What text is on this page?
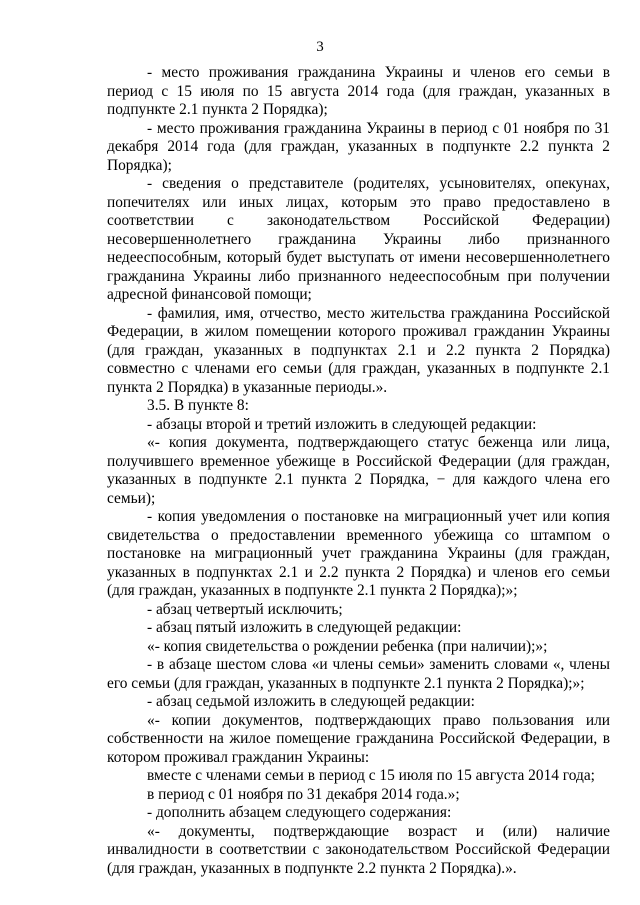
3

- место проживания гражданина Украины и членов его семьи в период с 15 июля по 15 августа 2014 года (для граждан, указанных в подпункте 2.1 пункта 2 Порядка);

- место проживания гражданина Украины в период с 01 ноября по 31 декабря 2014 года (для граждан, указанных в подпункте 2.2 пункта 2 Порядка);

- сведения о представителе (родителях, усыновителях, опекунах, попечителях или иных лицах, которым это право предоставлено в соответствии с законодательством Российской Федерации) несовершеннолетнего гражданина Украины либо признанного недееспособным, который будет выступать от имени несовершеннолетнего гражданина Украины либо признанного недееспособным при получении адресной финансовой помощи;

- фамилия, имя, отчество, место жительства гражданина Российской Федерации, в жилом помещении которого проживал гражданин Украины (для граждан, указанных в подпунктах 2.1 и 2.2 пункта 2 Порядка) совместно с членами его семьи (для граждан, указанных в подпункте 2.1 пункта 2 Порядка) в указанные периоды.».

3.5. В пункте 8:

- абзацы второй и третий изложить в следующей редакции:

«- копия документа, подтверждающего статус беженца или лица, получившего временное убежище в Российской Федерации (для граждан, указанных в подпункте 2.1 пункта 2 Порядка, − для каждого члена его семьи);

- копия уведомления о постановке на миграционный учет или копия свидетельства о предоставлении временного убежища со штампом о постановке на миграционный учет гражданина Украины (для граждан, указанных в подпунктах 2.1 и 2.2 пункта 2 Порядка) и членов его семьи (для граждан, указанных в подпункте 2.1 пункта 2 Порядка);»;

- абзац четвертый исключить;

- абзац пятый изложить в следующей редакции:

«- копия свидетельства о рождении ребенка (при наличии);»;

- в абзаце шестом слова «и члены семьи» заменить словами «, члены его семьи (для граждан, указанных в подпункте 2.1 пункта 2 Порядка);»;

- абзац седьмой изложить в следующей редакции:

«- копии документов, подтверждающих право пользования или собственности на жилое помещение гражданина Российской Федерации, в котором проживал гражданин Украины:

вместе с членами семьи в период с 15 июля по 15 августа 2014 года;

в период с 01 ноября по 31 декабря 2014 года.»;

- дополнить абзацем следующего содержания:

«- документы, подтверждающие возраст и (или) наличие инвалидности в соответствии с законодательством Российской Федерации (для граждан, указанных в подпункте 2.2 пункта 2 Порядка).».
